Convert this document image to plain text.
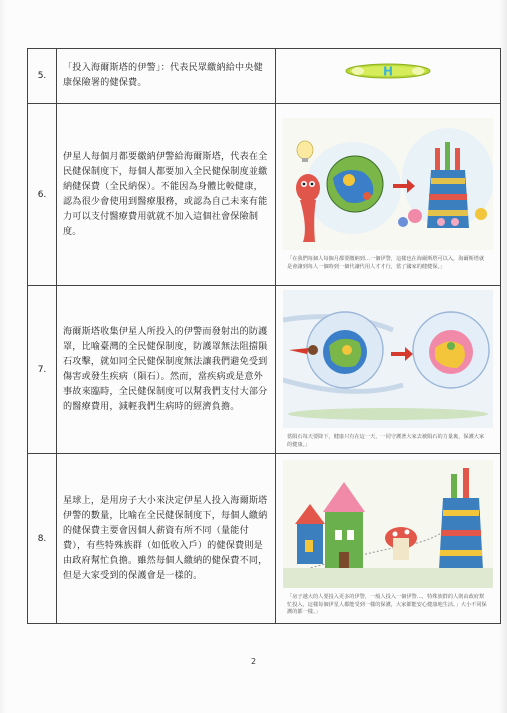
5.	「投入海爾斯塔的伊警」：代表民眾繳納給中央健康保險署的健保費。	H

6.	伊星人每個月都要繳納伊警給海爾斯塔，代表在全民健保制度下，每個人都要加入全民健保制度並繳納健保費（全民納保）。不能因為身體比較健康，認為很少會使用到醫療服務，或認為自己未來有能力可以支付醫療費用就就不加入這個社會保險制度。	「在我們每個人每個月都要繳納到…一個伊警，這樣也在海爾斯塔可以入，海爾斯塔就是會讓到每人一個時到一個代讓代用人才才行，當了國家的健健保。」

7.	海爾斯塔收集伊星人所投入的伊警而發射出的防護罩，比喻臺灣的全民健保制度，防護罩無法阻擋隕石攻擊，就如同全民健保制度無法讓我們避免受到傷害或發生疾病（隕石）。然而，當疾病或是意外事故來臨時，全民健保制度可以幫我們支付大部分的醫療費用，減輕我們生病時的經濟負擔。	當隕石每天要降下，健康只有在這一天，一同守護著大家去被隕石的力量裏，保護大家的健康。」

8.	星球上，是用房子大小來決定伊星人投入海爾斯塔伊警的數量，比喻在全民健保制度下，每個人繳納的健保費主要會因個人薪資有所不同（量能付費），有些特殊族群（如低收入戶）的健保費則是由政府幫忙負擔。雖然每個人繳納的健保費不同，但是大家受到的保護會是一樣的。	「房子越大的人要投入更多的伊警，一般人投入一個伊警…，特殊族群的人則由政府幫忙投入，這樣每個伊星人都能受到一樣的保護，大家都能安心健康地生活。」大小不同保護的都一樣。」
2
